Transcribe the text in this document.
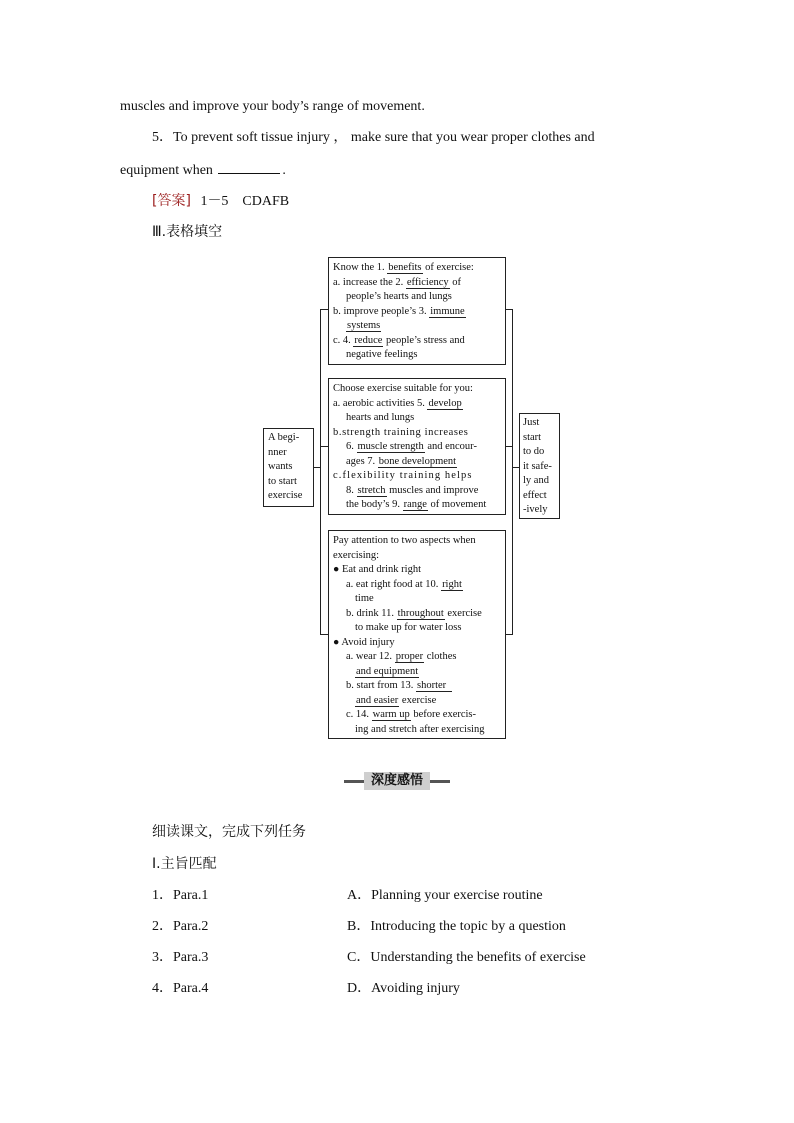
muscles and improve your body’s range of movement.
5．To prevent soft tissue injury ， make sure that you wear proper clothes and
equipment when	.
[答案] 1－5　CDAFB
Ⅲ.表格填空
A begi-
nner
wants
to start
exercise
Just
start
to do
it safe-
ly and
effect
-ively
Know the 1. benefits of exercise:
a. increase the 2. efficiency of
people’s hearts and lungs
b. improve people’s 3. immune
systems
c. 4. reduce people’s stress and
negative feelings
Choose exercise suitable for you:
a. aerobic activities 5. develop
hearts and lungs
b.strength training increases
6. muscle strength and encour-
ages 7. bone development
c.flexibility training helps
8. stretch muscles and improve
the body’s 9. range of movement
Pay attention to two aspects when
exercising:
● Eat and drink right
a. eat right food at 10. right
time
b. drink 11. throughout exercise
to make up for water loss
● Avoid injury
a. wear 12. proper clothes
and equipment
b. start from 13. shorter
and easier exercise
c. 14. warm up before exercis-
ing and stretch after exercising
深度感悟
细读课文，完成下列任务
Ⅰ.主旨匹配
1．Para.1	A．Planning your exercise routine
2．Para.2	B．Introducing the topic by a question
3．Para.3	C．Understanding the benefits of exercise
4．Para.4	D．Avoiding injury
